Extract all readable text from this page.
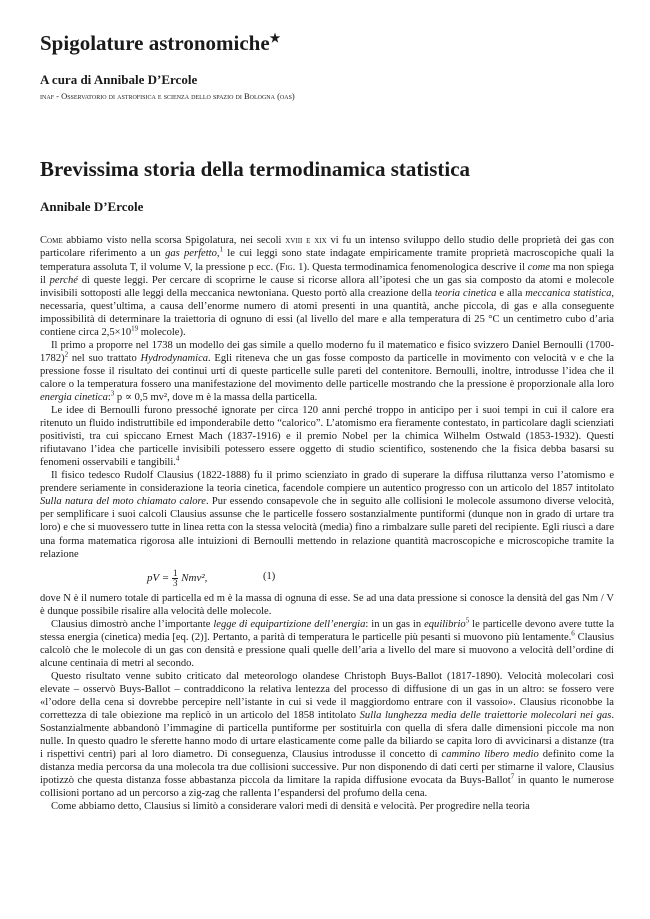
Spigolature astronomiche★
A cura di Annibale D’Ercole
inaf - Osservatorio di astrofisica e scienza dello spazio di Bologna (oas)
Brevissima storia della termodinamica statistica
Annibale D’Ercole

Come abbiamo visto nella scorsa Spigolatura, nei secoli xviii e xix vi fu un intenso sviluppo dello studio delle proprietà dei gas con particolare riferimento a un gas perfetto,$^1$ le cui leggi sono state indagate empiricamente tramite proprietà macroscopiche quali la temperatura assoluta T, il volume V, la pressione p ecc. (Fig. 1). Questa termodinamica fenomenologica descrive il come ma non spiega il perché di queste leggi. Per cercare di scoprirne le cause si ricorse allora all’ipotesi che un gas sia composto da atomi e molecole invisibili sottoposti alle leggi della meccanica newtoniana. Questo portò alla creazione della teoria cinetica e alla meccanica statistica, necessaria, quest’ultima, a causa dell’enorme numero di atomi presenti in una quantità, anche piccola, di gas e alla conseguente impossibilità di determinare la traiettoria di ognuno di essi (al livello del mare e alla temperatura di 25 °C un centimetro cubo d’aria contiene circa $2,5\times 10^{19}$ molecole).

Il primo a proporre nel 1738 un modello dei gas simile a quello moderno fu il matematico e fisico svizzero Daniel Bernoulli (1700-1782)$^2$ nel suo trattato Hydrodynamica. Egli riteneva che un gas fosse composto da particelle in movimento con velocità v e che la pressione fosse il risultato dei continui urti di queste particelle sulle pareti del contenitore. Bernoulli, inoltre, introdusse l’idea che il calore o la temperatura fossero una manifestazione del movimento delle particelle mostrando che la pressione è proporzionale alla loro energia cinetica:$^3$ p ∝ 0,5 mv², dove m è la massa della particella.

Le idee di Bernoulli furono pressoché ignorate per circa 120 anni perché troppo in anticipo per i suoi tempi in cui il calore era ritenuto un fluido indistruttibile ed imponderabile detto “calorico”. L’atomismo era fieramente contestato, in particolare dagli scienziati positivisti, tra cui spiccano Ernest Mach (1837-1916) e il premio Nobel per la chimica Wilhelm Ostwald (1853-1932). Questi rifiutavano l’idea che particelle invisibili potessero essere oggetto di studio scientifico, sostenendo che la fisica debba basarsi su fenomeni osservabili e tangibili.$^4$

Il fisico tedesco Rudolf Clausius (1822-1888) fu il primo scienziato in grado di superare la diffusa riluttanza verso l’atomismo e prendere seriamente in considerazione la teoria cinetica, facendole compiere un autentico progresso con un articolo del 1857 intitolato Sulla natura del moto chiamato calore. Pur essendo consapevole che in seguito alle collisioni le molecole assumono diverse velocità, per semplificare i suoi calcoli Clausius assunse che le particelle fossero sostanzialmente puntiformi (dunque non in grado di urtare tra loro) e che si muovessero tutte in linea retta con la stessa velocità (media) fino a rimbalzare sulle pareti del recipiente. Egli riuscì a dare una forma matematica rigorosa alle intuizioni di Bernoulli mettendo in relazione quantità macroscopiche e microscopiche tramite la relazione

pV = $\frac{1}{3} Nmv^2$,	(1)

dove N è il numero totale di particella ed m è la massa di ognuna di esse. Se ad una data pressione si conosce la densità del gas Nm / V è dunque possibile risalire alla velocità delle molecole.

Clausius dimostrò anche l’importante legge di equipartizione dell’energia: in un gas in equilibrio$^5$ le particelle devono avere tutte la stessa energia (cinetica) media [eq. (2)]. Pertanto, a parità di temperatura le particelle più pesanti si muovono più lentamente.$^6$ Clausius calcolò che le molecole di un gas con densità e pressione quali quelle dell’aria a livello del mare si muovono a velocità dell’ordine di alcune centinaia di metri al secondo.

Questo risultato venne subito criticato dal meteorologo olandese Christoph Buys-Ballot (1817-1890). Velocità molecolari così elevate – osservò Buys-Ballot – contraddicono la relativa lentezza del processo di diffusione di un gas in un altro: se fossero vere «l’odore della cena si dovrebbe percepire nell’istante in cui si vede il maggiordomo entrare con il vassoio». Clausius riconobbe la correttezza di tale obiezione ma replicò in un articolo del 1858 intitolato Sulla lunghezza media delle traiettorie molecolari nei gas. Sostanzialmente abbandonò l’immagine di particella puntiforme per sostituirla con quella di sfera dalle dimensioni piccole ma non nulle. In questo quadro le sferette hanno modo di urtare elasticamente come palle da biliardo se capita loro di avvicinarsi a distanze (tra i rispettivi centri) pari al loro diametro. Di conseguenza, Clausius introdusse il concetto di cammino libero medio definito come la distanza media percorsa da una molecola tra due collisioni successive. Pur non disponendo di dati certi per stimarne il valore, Clausius ipotizzò che questa distanza fosse abbastanza piccola da limitare la rapida diffusione evocata da Buys-Ballot$^7$ in quanto le numerose collisioni portano ad un percorso a zig-zag che rallenta l’espandersi del profumo della cena.

Come abbiamo detto, Clausius si limitò a considerare valori medi di densità e velocità. Per progredire nella teoria
